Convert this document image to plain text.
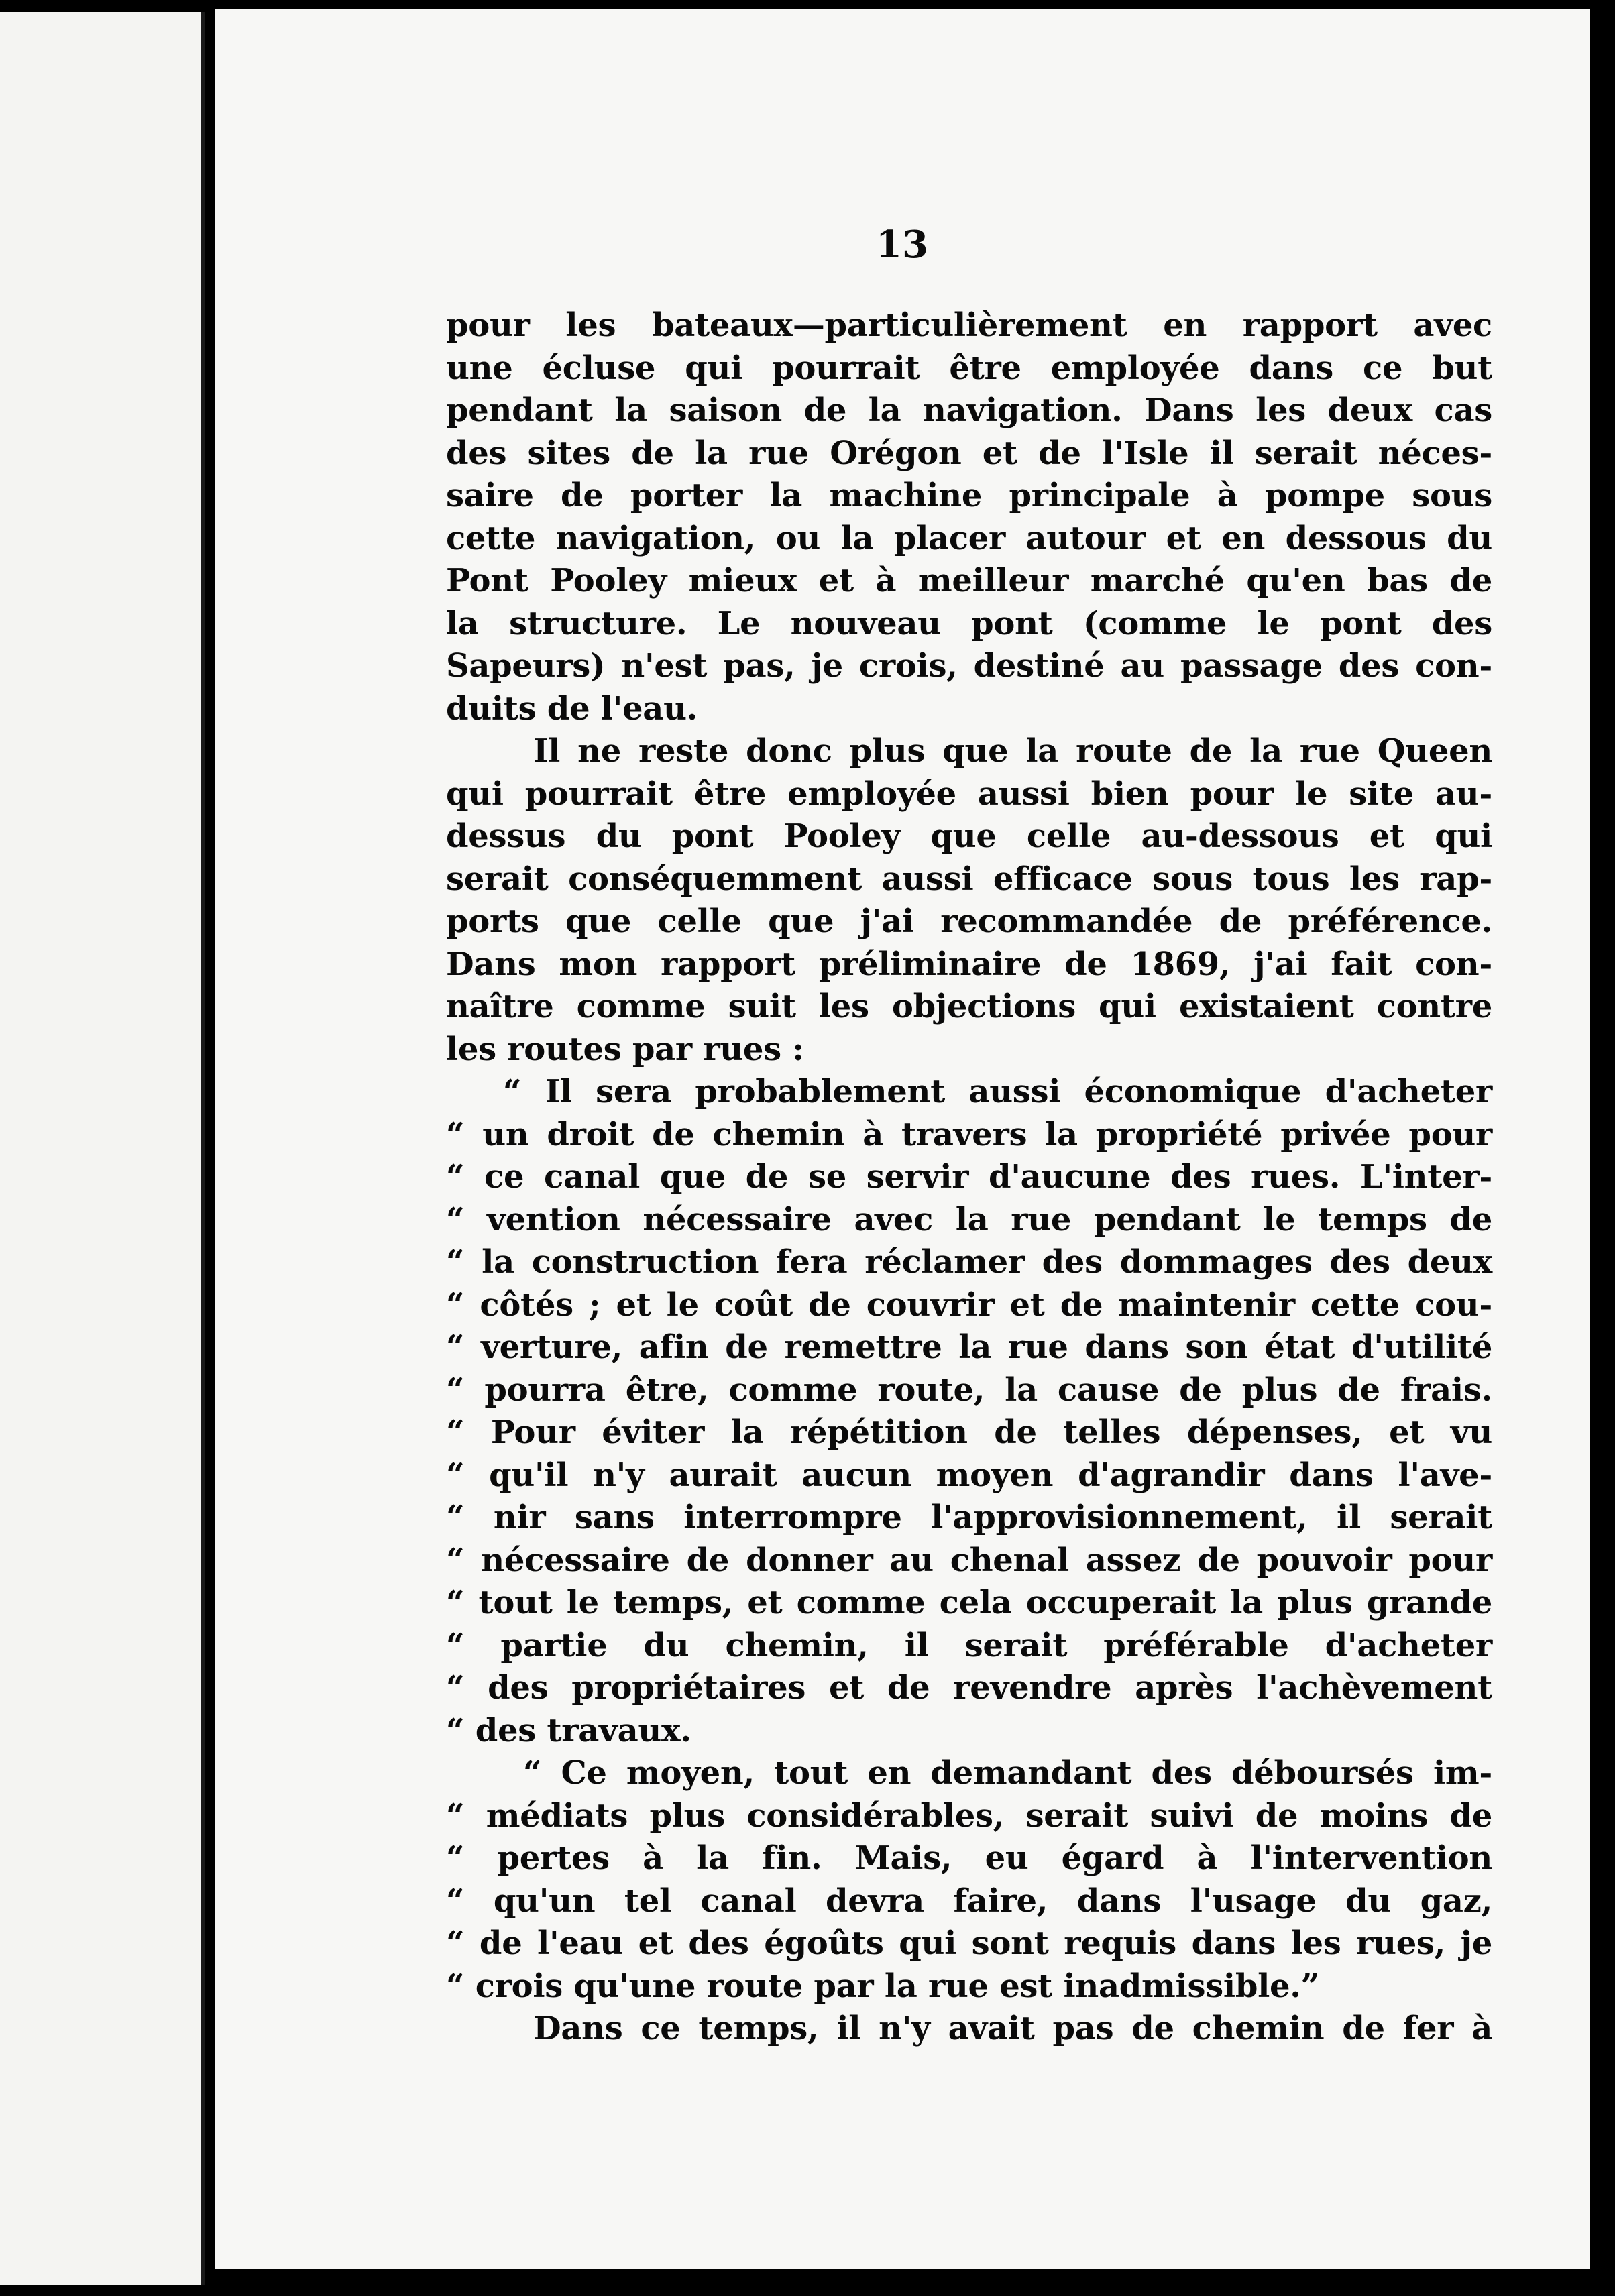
13
pour les bateaux—particulièrement en rapport avec
une écluse qui pourrait être employée dans ce but
pendant la saison de la navigation. Dans les deux cas
des sites de la rue Orégon et de l'Isle il serait néces-
saire de porter la machine principale à pompe sous
cette navigation, ou la placer autour et en dessous du
Pont Pooley mieux et à meilleur marché qu'en bas de
la structure. Le nouveau pont (comme le pont des
Sapeurs) n'est pas, je crois, destiné au passage des con-
duits de l'eau.
Il ne reste donc plus que la route de la rue Queen
qui pourrait être employée aussi bien pour le site au-
dessus du pont Pooley que celle au-dessous et qui
serait conséquemment aussi efficace sous tous les rap-
ports que celle que j'ai recommandée de préférence.
Dans mon rapport préliminaire de 1869, j'ai fait con-
naître comme suit les objections qui existaient contre
les routes par rues :
“ Il sera probablement aussi économique d'acheter
“ un droit de chemin à travers la propriété privée pour
“ ce canal que de se servir d'aucune des rues. L'inter-
“ vention nécessaire avec la rue pendant le temps de
“ la construction fera réclamer des dommages des deux
“ côtés ; et le coût de couvrir et de maintenir cette cou-
“ verture, afin de remettre la rue dans son état d'utilité
“ pourra être, comme route, la cause de plus de frais.
“ Pour éviter la répétition de telles dépenses, et vu
“ qu'il n'y aurait aucun moyen d'agrandir dans l'ave-
“ nir sans interrompre l'approvisionnement, il serait
“ nécessaire de donner au chenal assez de pouvoir pour
“ tout le temps, et comme cela occuperait la plus grande
“ partie du chemin, il serait préférable d'acheter
“ des propriétaires et de revendre après l'achèvement
“ des travaux.
“ Ce moyen, tout en demandant des déboursés im-
“ médiats plus considérables, serait suivi de moins de
“ pertes à la fin. Mais, eu égard à l'intervention
“ qu'un tel canal devra faire, dans l'usage du gaz,
“ de l'eau et des égoûts qui sont requis dans les rues, je
“ crois qu'une route par la rue est inadmissible.”
Dans ce temps, il n'y avait pas de chemin de fer à
